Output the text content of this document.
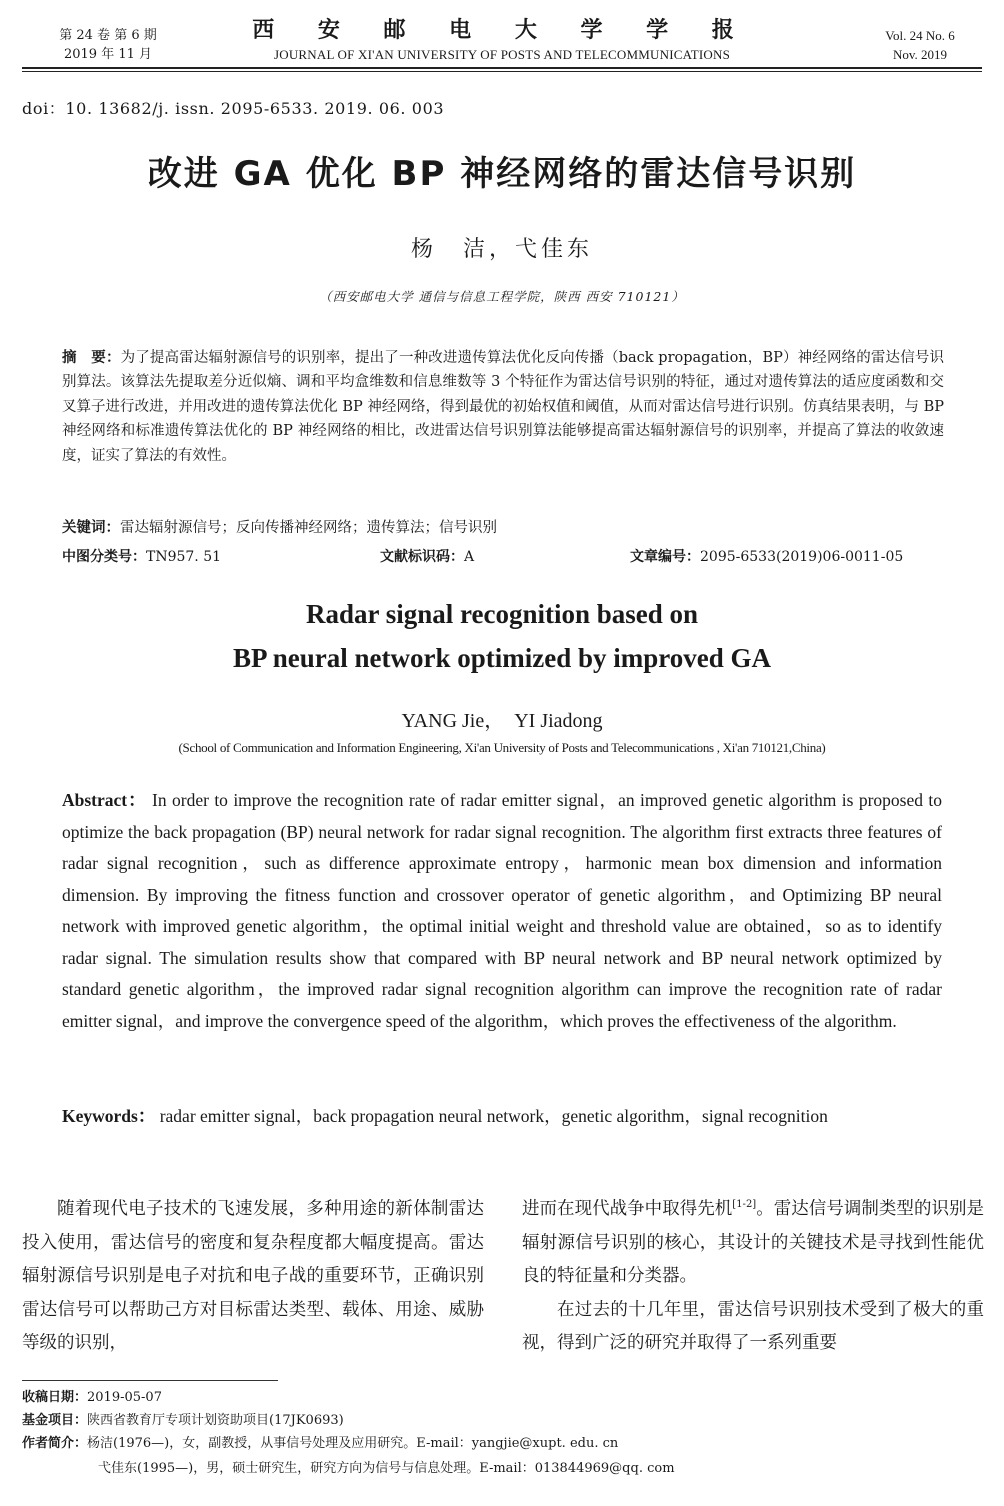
第 24 卷 第 6 期
2019 年 11 月
西 安 邮 电 大 学 学 报
JOURNAL OF XI'AN UNIVERSITY OF POSTS AND TELECOMMUNICATIONS
Vol. 24 No. 6
Nov. 2019
doi：10. 13682/j. issn. 2095-6533. 2019. 06. 003
改进 GA 优化 BP 神经网络的雷达信号识别
杨　洁，弋佳东
（西安邮电大学 通信与信息工程学院，陕西 西安 710121）
摘　要：为了提高雷达辐射源信号的识别率，提出了一种改进遗传算法优化反向传播（back propagation，BP）神经网络的雷达信号识别算法。该算法先提取差分近似熵、调和平均盒维数和信息维数等 3 个特征作为雷达信号识别的特征，通过对遗传算法的适应度函数和交叉算子进行改进，并用改进的遗传算法优化 BP 神经网络，得到最优的初始权值和阈值，从而对雷达信号进行识别。仿真结果表明，与 BP 神经网络和标准遗传算法优化的 BP 神经网络的相比，改进雷达信号识别算法能够提高雷达辐射源信号的识别率，并提高了算法的收敛速度，证实了算法的有效性。
关键词：雷达辐射源信号；反向传播神经网络；遗传算法；信号识别
中图分类号：TN957. 51	文献标识码：A	文章编号：2095-6533(2019)06-0011-05
Radar signal recognition based on
BP neural network optimized by improved GA
YANG Jie，　YI Jiadong
(School of Communication and Information Engineering, Xi'an University of Posts and Telecommunications , Xi'an 710121,China)
Abstract： In order to improve the recognition rate of radar emitter signal，an improved genetic algorithm is proposed to optimize the back propagation (BP) neural network for radar signal recognition. The algorithm first extracts three features of radar signal recognition，such as difference approximate entropy，harmonic mean box dimension and information dimension. By improving the fitness function and crossover operator of genetic algorithm，and Optimizing BP neural network with improved genetic algorithm，the optimal initial weight and threshold value are obtained，so as to identify radar signal. The simulation results show that compared with BP neural network and BP neural network optimized by standard genetic algorithm，the improved radar signal recognition algorithm can improve the recognition rate of radar emitter signal，and improve the convergence speed of the algorithm，which proves the effectiveness of the algorithm.
Keywords： radar emitter signal，back propagation neural network，genetic algorithm，signal recognition

随着现代电子技术的飞速发展，多种用途的新体制雷达投入使用，雷达信号的密度和复杂程度都大幅度提高。雷达辐射源信号识别是电子对抗和电子战的重要环节，正确识别雷达信号可以帮助己方对目标雷达类型、载体、用途、威胁等级的识别，

进而在现代战争中取得先机[1-2]。雷达信号调制类型的识别是辐射源信号识别的核心，其设计的关键技术是寻找到性能优良的特征量和分类器。

在过去的十几年里，雷达信号识别技术受到了极大的重视，得到广泛的研究并取得了一系列重要

收稿日期：2019-05-07
基金项目：陕西省教育厅专项计划资助项目(17JK0693)
作者简介：杨洁(1976—)，女，副教授，从事信号处理及应用研究。E-mail：yangjie@xupt. edu. cn
弋佳东(1995—)，男，硕士研究生，研究方向为信号与信息处理。E-mail：013844969@qq. com
